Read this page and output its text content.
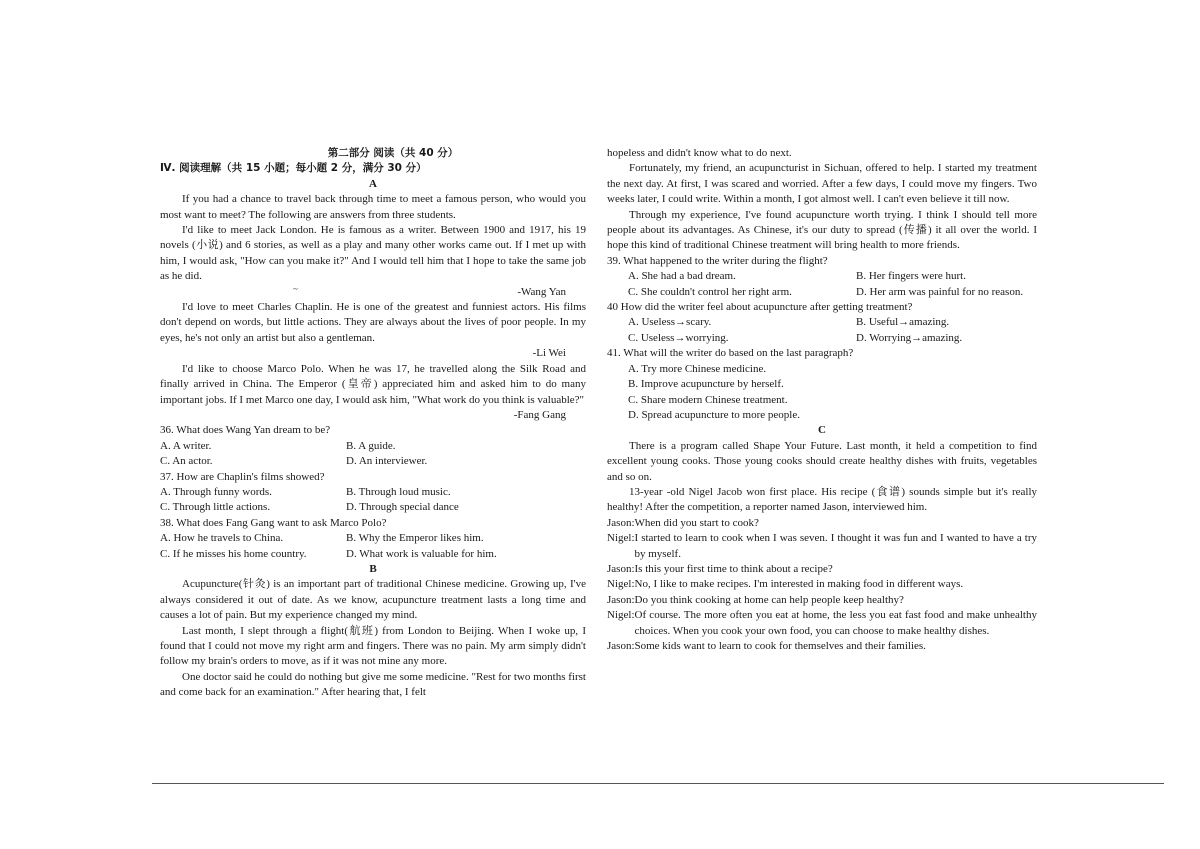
第二部分 阅读（共 40 分）

Ⅳ. 阅读理解（共 15 小题；每小题 2 分，满分 30 分）

A

If you had a chance to travel back through time to meet a famous person, who would you most want to meet? The following are answers from three students.

I'd like to meet Jack London. He is famous as a writer. Between 1900 and 1917, his 19 novels (小说) and 6 stories, as well as a play and many other works came out. If I met up with him, I would ask, "How can you make it?" And I would tell him that I hope to take the same job as he did.

-Wang Yan

I'd love to meet Charles Chaplin. He is one of the greatest and funniest actors. His films don't depend on words, but little actions. They are always about the lives of poor people. In my eyes, he's not only an artist but also a gentleman.

-Li Wei

I'd like to choose Marco Polo. When he was 17, he travelled along the Silk Road and finally arrived in China. The Emperor (皇帝) appreciated him and asked him to do many important jobs. If I met Marco one day, I would ask him, "What work do you think is valuable?"

-Fang Gang

36. What does Wang Yan dream to be?

A. A writer.	B. A guide.
C. An actor.	D. An interviewer.

37. How are Chaplin's films showed?

A. Through funny words.	B. Through loud music.
C. Through little actions.	D. Through special dance

38. What does Fang Gang want to ask Marco Polo?

A. How he travels to China.	B. Why the Emperor likes him.
C. If he misses his home country.	D. What work is valuable for him.

B

Acupuncture(针灸) is an important part of traditional Chinese medicine. Growing up, I've always considered it out of date. As we know, acupuncture treatment lasts a long time and causes a lot of pain. But my experience changed my mind.

Last month, I slept through a flight(航班) from London to Beijing. When I woke up, I found that I could not move my right arm and fingers. There was no pain. My arm simply didn't follow my brain's orders to move, as if it was not mine any more.

One doctor said he could do nothing but give me some medicine. "Rest for two months first and come back for an examination." After hearing that, I felt

~

hopeless and didn't know what to do next.

Fortunately, my friend, an acupuncturist in Sichuan, offered to help. I started my treatment the next day. At first, I was scared and worried. After a few days, I could move my fingers. Two weeks later, I could write. Within a month, I got almost well. I can't even believe it till now.

Through my experience, I've found acupuncture worth trying. I think I should tell more people about its advantages. As Chinese, it's our duty to spread (传播) it all over the world. I hope this kind of traditional Chinese treatment will bring health to more friends.

39. What happened to the writer during the flight?

A. She had a bad dream.	B. Her fingers were hurt.
C. She couldn't control her right arm.	D. Her arm was painful for no reason.

40 How did the writer feel about acupuncture after getting treatment?

A. Useless→scary.	B. Useful→amazing.
C. Useless→worrying.	D. Worrying→amazing.

41. What will the writer do based on the last paragraph?

A. Try more Chinese medicine.

B. Improve acupuncture by herself.

C. Share modern Chinese treatment.

D. Spread acupuncture to more people.

C

There is a program called Shape Your Future. Last month, it held a competition to find excellent young cooks. Those young cooks should create healthy dishes with fruits, vegetables and so on.

13-year -old Nigel Jacob won first place. His recipe (食谱) sounds simple but it's really healthy! After the competition, a reporter named Jason, interviewed him.

Jason: When did you start to cook?
Nigel: I started to learn to cook when I was seven. I thought it was fun and I wanted to have a try by myself.
Jason: Is this your first time to think about a recipe?
Nigel: No, I like to make recipes. I'm interested in making food in different ways.
Jason: Do you think cooking at home can help people keep healthy?
Nigel: Of course. The more often you eat at home, the less you eat fast food and make unhealthy choices. When you cook your own food, you can choose to make healthy dishes.
Jason: Some kids want to learn to cook for themselves and their families.
